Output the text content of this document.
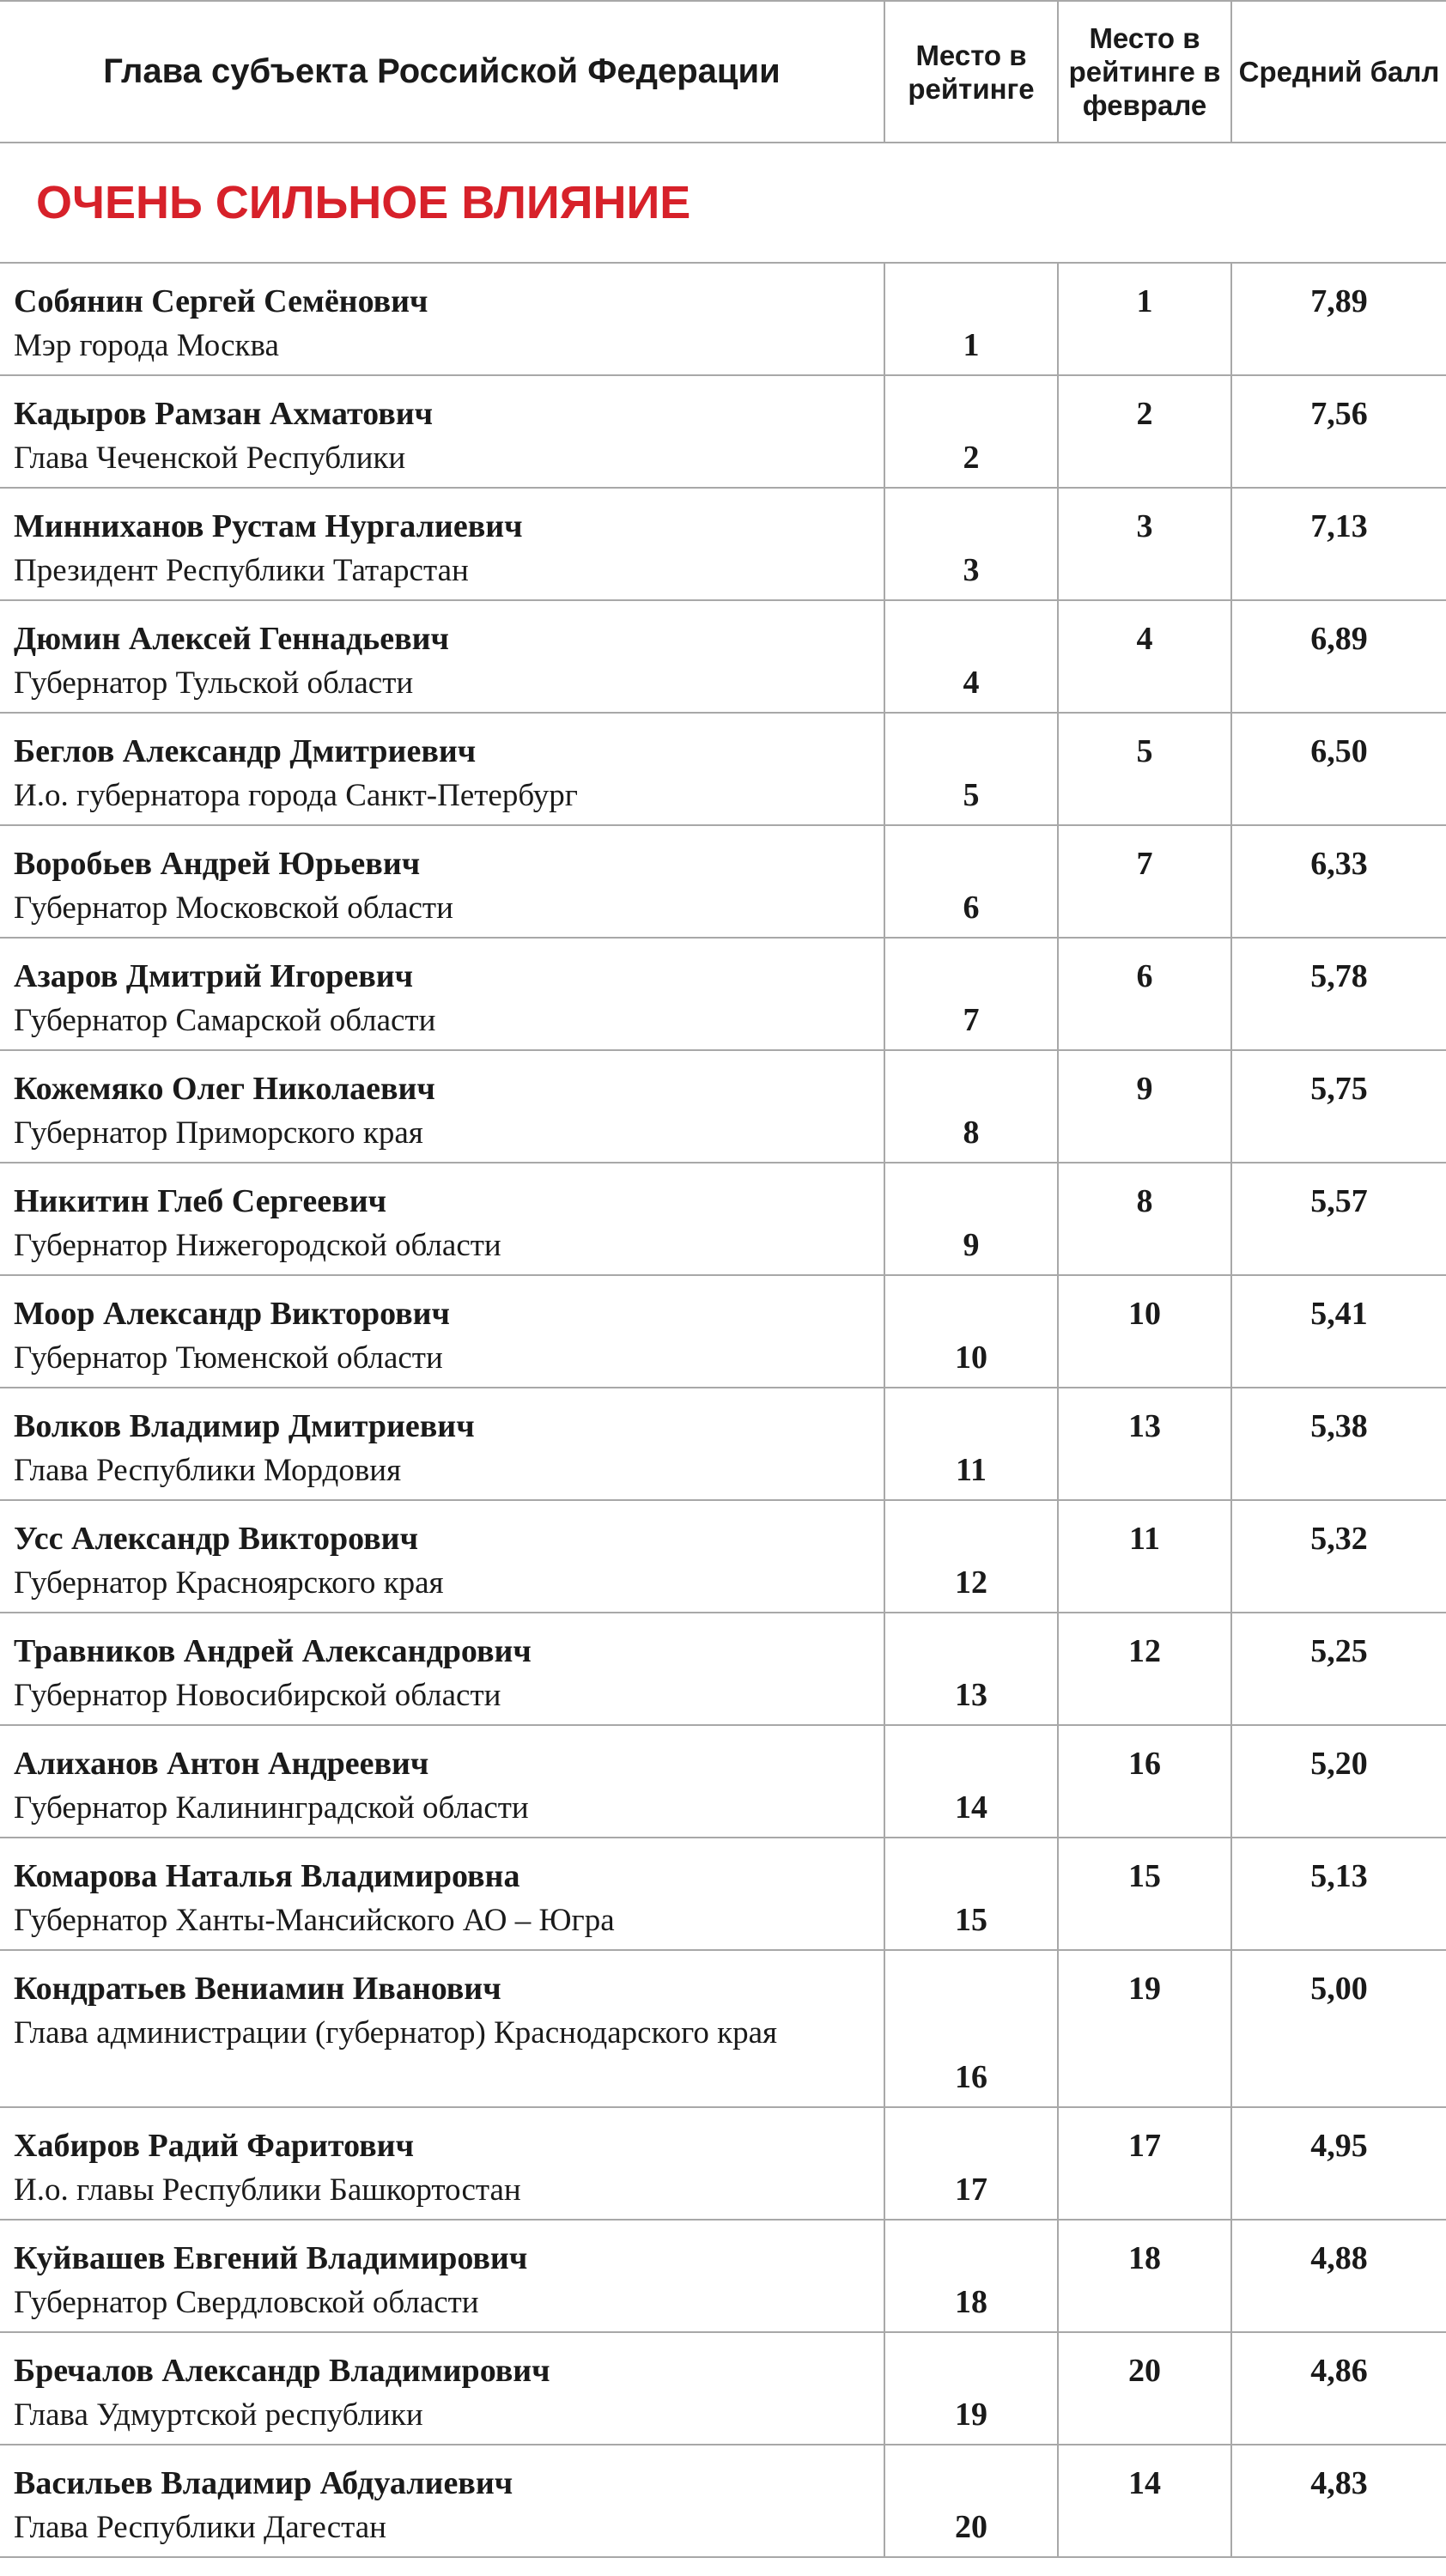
Глава субъекта Российской Федерации	Место в рейтинге	Место в рейтинге в феврале	Средний балл
ОЧЕНЬ СИЛЬНОЕ ВЛИЯНИЕ			

Собянин Сергей Семёнович
Мэр города Москва	1	1	7,89

Кадыров Рамзан Ахматович
Глава Чеченской Республики	2	2	7,56

Минниханов Рустам Нургалиевич
Президент Республики Татарстан	3	3	7,13

Дюмин Алексей Геннадьевич
Губернатор Тульской области	4	4	6,89

Беглов Александр Дмитриевич
И.о. губернатора города Санкт-Петербург	5	5	6,50

Воробьев Андрей Юрьевич
Губернатор Московской области	6	7	6,33

Азаров Дмитрий Игоревич
Губернатор Самарской области	7	6	5,78

Кожемяко Олег Николаевич
Губернатор Приморского края	8	9	5,75

Никитин Глеб Сергеевич
Губернатор Нижегородской области	9	8	5,57

Моор Александр Викторович
Губернатор Тюменской области	10	10	5,41

Волков Владимир Дмитриевич
Глава Республики Мордовия	11	13	5,38

Усс Александр Викторович
Губернатор Красноярского края	12	11	5,32

Травников Андрей Александрович
Губернатор Новосибирской области	13	12	5,25

Алиханов Антон Андреевич
Губернатор Калининградской области	14	16	5,20

Комарова Наталья Владимировна
Губернатор Ханты-Мансийского АО – Югра	15	15	5,13

Кондратьев Вениамин Иванович
Глава администрации (губернатор) Краснодарского края	16	19	5,00

Хабиров Радий Фаритович
И.о. главы Республики Башкортостан	17	17	4,95

Куйвашев Евгений Владимирович
Губернатор Свердловской области	18	18	4,88

Бречалов Александр Владимирович
Глава Удмуртской республики	19	20	4,86

Васильев Владимир Абдуалиевич
Глава Республики Дагестан	20	14	4,83
